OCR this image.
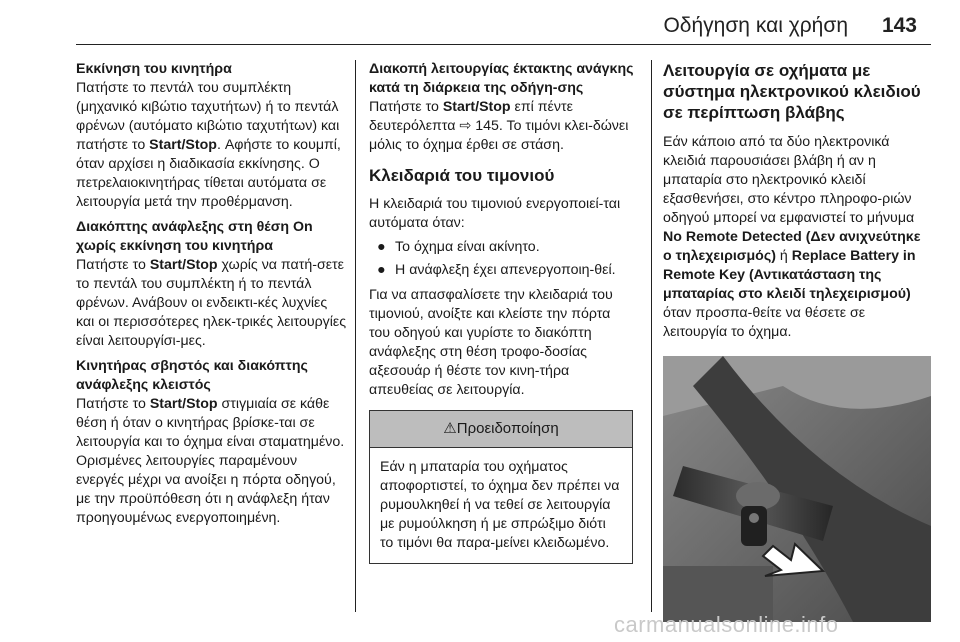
Οδήγηση και χρήση 143
Εκκίνηση του κινητήρα

Πατήστε το πεντάλ του συμπλέκτη (μηχανικό κιβώτιο ταχυτήτων) ή το πεντάλ φρένων (αυτόματο κιβώτιο ταχυτήτων) και πατήστε το Start/Stop. Αφήστε το κουμπί, όταν αρχίσει η διαδικασία εκκίνησης. Ο πετρελαιοκινητήρας τίθεται αυτόματα σε λειτουργία μετά την προθέρμανση.

Διακόπτης ανάφλεξης στη θέση On χωρίς εκκίνηση του κινητήρα

Πατήστε το Start/Stop χωρίς να πατή-σετε το πεντάλ του συμπλέκτη ή το πεντάλ φρένων. Ανάβουν οι ενδεικτι-κές λυχνίες και οι περισσότερες ηλεκ-τρικές λειτουργίες είναι λειτουργίσι-μες.

Κινητήρας σβηστός και διακόπτης ανάφλεξης κλειστός

Πατήστε το Start/Stop στιγμιαία σε κάθε θέση ή όταν ο κινητήρας βρίσκε-ται σε λειτουργία και το όχημα είναι σταματημένο. Ορισμένες λειτουργίες παραμένουν ενεργές μέχρι να ανοίξει η πόρτα οδηγού, με την προϋπόθεση ότι η ανάφλεξη ήταν προηγουμένως ενεργοποιημένη.

Διακοπή λειτουργίας έκτακτης ανάγκης κατά τη διάρκεια της οδήγη-σης

Πατήστε το Start/Stop επί πέντε δευτερόλεπτα ⇨ 145. Το τιμόνι κλει-δώνει μόλις το όχημα έρθει σε στάση.

Κλειδαριά του τιμονιού

Η κλειδαριά του τιμονιού ενεργοποιεί-ται αυτόματα όταν:

● Το όχημα είναι ακίνητο.
● Η ανάφλεξη έχει απενεργοποιη-θεί.

Για να απασφαλίσετε την κλειδαριά του τιμονιού, ανοίξτε και κλείστε την πόρτα του οδηγού και γυρίστε το διακόπτη ανάφλεξης στη θέση τροφο-δοσίας αξεσουάρ ή θέστε τον κινη-τήρα απευθείας σε λειτουργία.

⚠Προειδοποίηση
Εάν η μπαταρία του οχήματος αποφορτιστεί, το όχημα δεν πρέπει να ρυμουλκηθεί ή να τεθεί σε λειτουργία με ρυμούλκηση ή με σπρώξιμο διότι το τιμόνι θα παρα-μείνει κλειδωμένο.
Λειτουργία σε οχήματα με σύστημα ηλεκτρονικού κλειδιού σε περίπτωση βλάβης

Εάν κάποιο από τα δύο ηλεκτρονικά κλειδιά παρουσιάσει βλάβη ή αν η μπαταρία στο ηλεκτρονικό κλειδί εξασθενήσει, στο κέντρο πληροφο-ριών οδηγού μπορεί να εμφανιστεί το μήνυμα No Remote Detected (Δεν ανιχνεύτηκε ο τηλεχειρισμός) ή Replace Battery in Remote Key (Αντικατάσταση της μπαταρίας στο κλειδί τηλεχειρισμού) όταν προσπα-θείτε να θέσετε σε λειτουργία το όχημα.

carmanualsonline.info
